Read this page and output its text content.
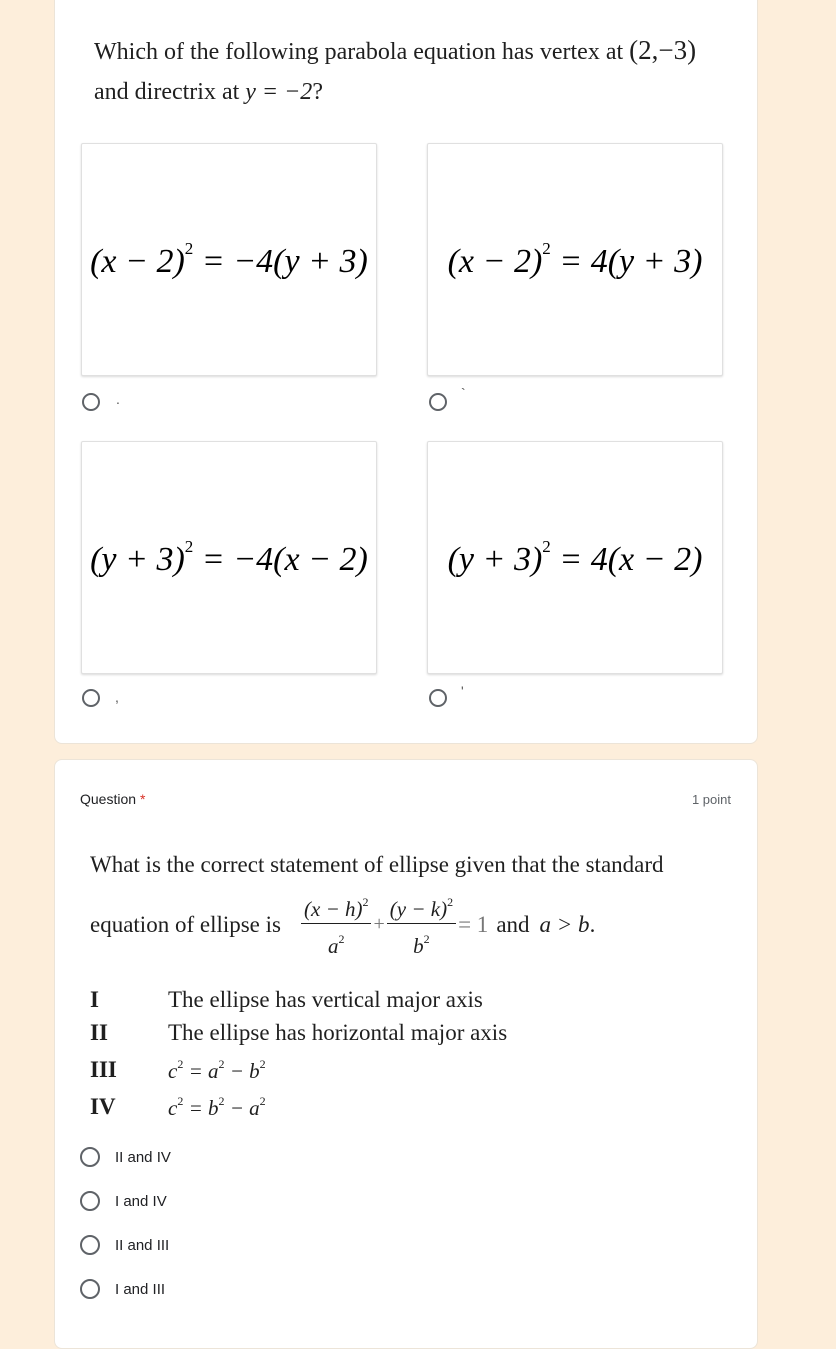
Which of the following parabola equation has vertex at (2,−3)
and directrix at y = −2?
$(x - 2)^2 = -4(y + 3)$
.
$(x - 2)^2 = 4(y + 3)$
`
$(y + 3)^2 = -4(x - 2)$
,
$(y + 3)^2 = 4(x - 2)$
'
Question *	1 point
What is the correct statement of ellipse given that the standard
equation of ellipse is $\frac{(x - h)^2}{a^2} + \frac{(y - k)^2}{b^2} = 1$ and a > b .
I	The ellipse has vertical major axis
II	The ellipse has horizontal major axis
III $c^2 = a^2 - b^2$
IV $c^2 = b^2 - a^2$
II and IV
I and IV
II and III
I and III
